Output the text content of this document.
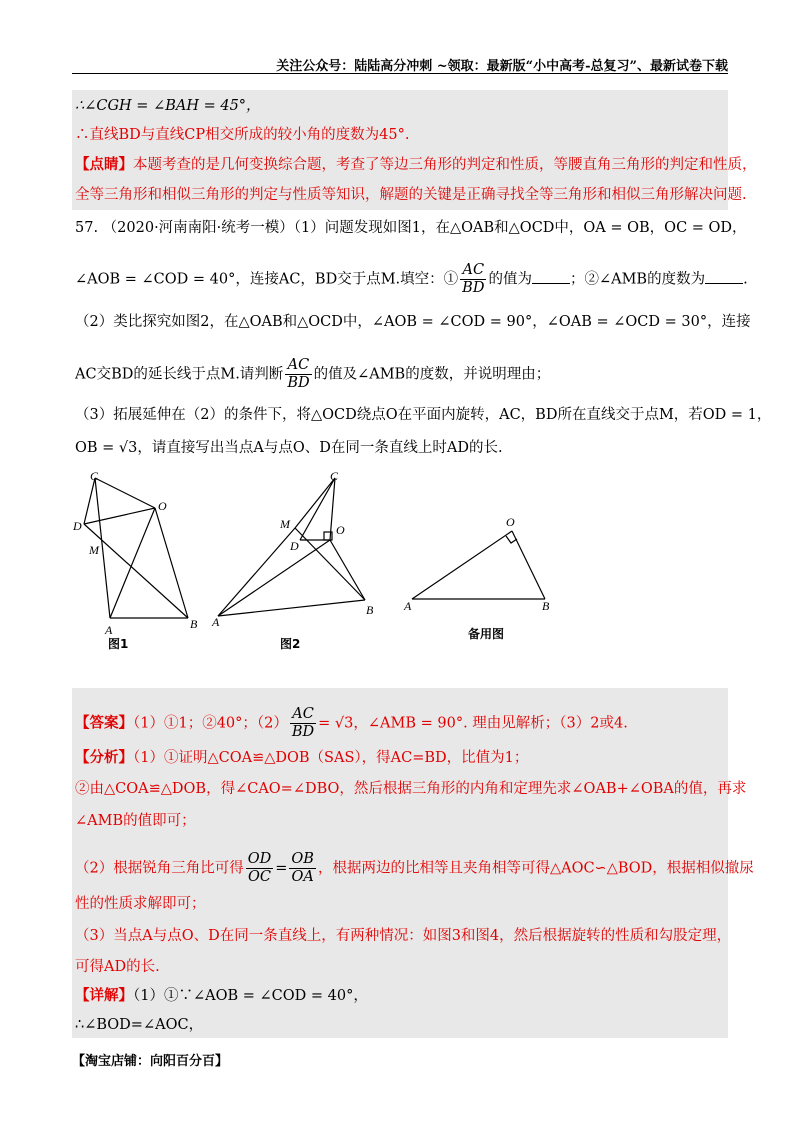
关注公众号：陆陆高分冲刺 ~领取：最新版“小中高考-总复习”、最新试卷下载
∴∠CGH = ∠BAH = 45°，
∴直线BD与直线CP相交所成的较小角的度数为45°.
【点睛】本题考查的是几何变换综合题，考查了等边三角形的判定和性质，等腰直角三角形的判定和性质，
全等三角形和相似三角形的判定与性质等知识，解题的关键是正确寻找全等三角形和相似三角形解决问题.
57. （2020·河南南阳·统考一模）（1）问题发现如图1，在△OAB和△OCD中，OA = OB，OC = OD，
∠AOB = ∠COD = 40°，连接AC，BD交于点M.填空：① $\frac{AC}{BD}$ 的值为	；②∠AMB的度数为	.
（2）类比探究如图2，在△OAB和△OCD中，∠AOB = ∠COD = 90°，∠OAB = ∠OCD = 30°，连接
AC交BD的延长线于点M.请判断 $\frac{AC}{BD}$ 的值及∠AMB的度数，并说明理由；
（3）拓展延伸在（2）的条件下，将△OCD绕点O在平面内旋转，AC，BD所在直线交于点M，若OD = 1，
OB = √3，请直接写出当点A与点O、D在同一条直线上时AD的长.
C
O
D
M
A	B
图1
C
O
D
M
A
B
图2
O
A	B
备用图
【答案】（1）①1；②40°；$(2) \frac{AC}{BD} = √3$，∠AMB = 90°. 理由见解析；（3）2或4.
【分析】（1）①证明△COA≌△DOB（SAS），得AC=BD，比值为1；
②由△COA≌△DOB，得∠CAO=∠DBO，然后根据三角形的内角和定理先求∠OAB+∠OBA的值，再求
∠AMB的值即可；
（2）根据锐角三角比可得 $\frac{OD}{OC} = \frac{OB}{OA}$ ，根据两边的比相等且夹角相等可得△AOC∽△BOD，根据相似撤尿
性的性质求解即可；
（3）当点A与点O、D在同一条直线上，有两种情况：如图3和图4，然后根据旋转的性质和勾股定理，
可得AD的长.
【详解】（1）①∵∠AOB = ∠COD = 40°，
∴∠BOD=∠AOC，
【淘宝店铺：向阳百分百】
